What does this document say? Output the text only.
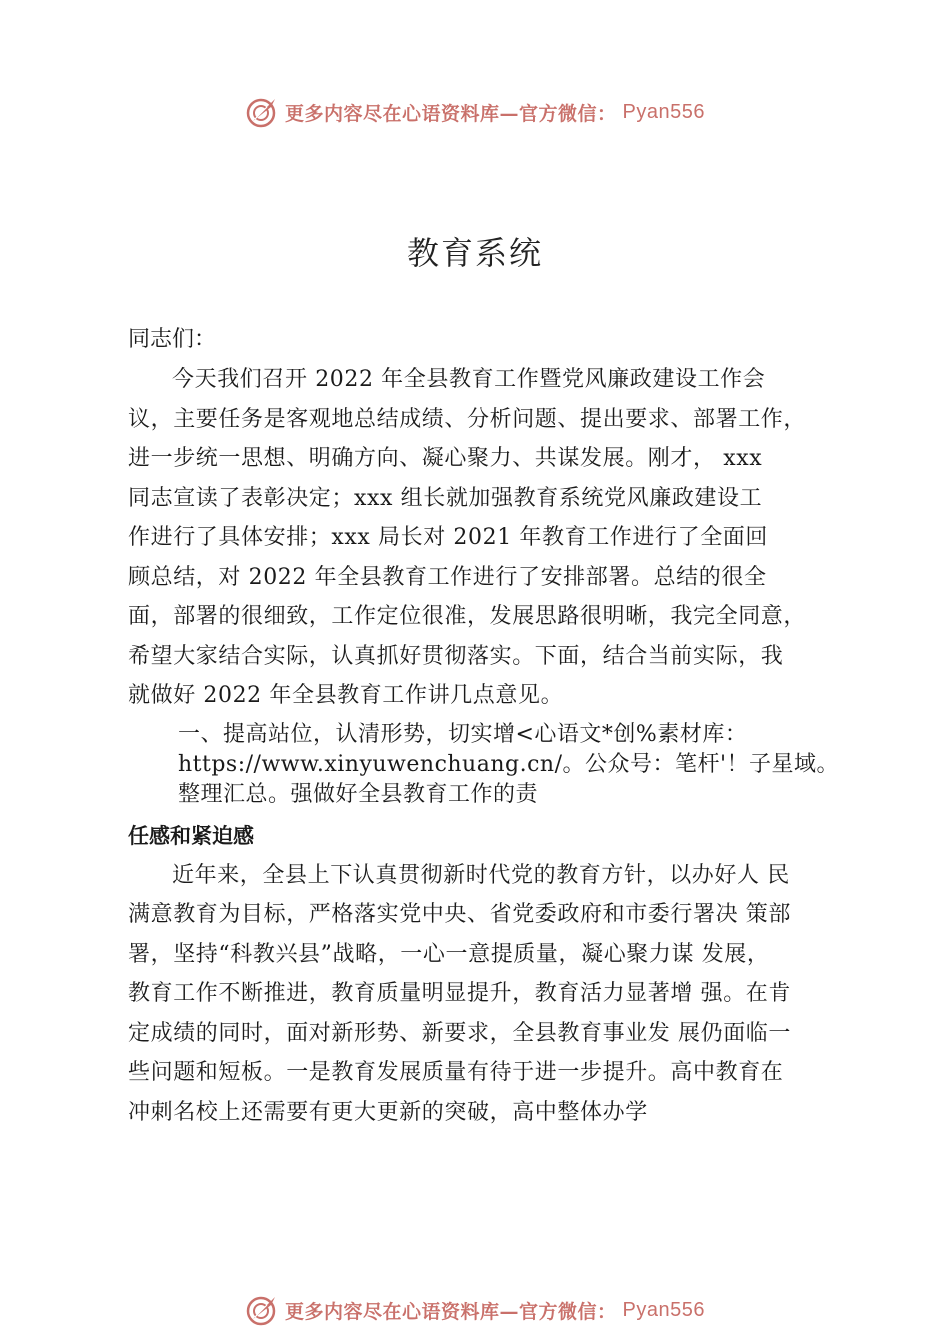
更多内容尽在心语资料库—官方微信： Pyan556
教育系统

同志们：

今天我们召开 2022 年全县教育工作暨党风廉政建设工作会
议，主要任务是客观地总结成绩、分析问题、提出要求、部署工作，
进一步统一思想、明确方向、凝心聚力、共谋发展。刚才， xxx
同志宣读了表彰决定；xxx 组长就加强教育系统党风廉政建设工
作进行了具体安排；xxx 局长对 2021 年教育工作进行了全面回
顾总结，对 2022 年全县教育工作进行了安排部署。总结的很全
面，部署的很细致，工作定位很准，发展思路很明晰，我完全同意，
希望大家结合实际，认真抓好贯彻落实。下面，结合当前实际，我
就做好 2022 年全县教育工作讲几点意见。
一、提高站位，认清形势，切实增<心语文*创%素材库：
https://www.xinyuwenchuang.cn/。公众号：笔杆'！子星域。
整理汇总。强做好全县教育工作的责

任感和紧迫感

近年来，全县上下认真贯彻新时代党的教育方针，以办好人 民
满意教育为目标，严格落实党中央、省党委政府和市委行署决 策部
署，坚持“科教兴县”战略，一心一意提质量，凝心聚力谋 发展，
教育工作不断推进，教育质量明显提升，教育活力显著增 强。在肯
定成绩的同时，面对新形势、新要求，全县教育事业发 展仍面临一
些问题和短板。一是教育发展质量有待于进一步提升。高中教育在
冲刺名校上还需要有更大更新的突破，高中整体办学
更多内容尽在心语资料库—官方微信： Pyan556
